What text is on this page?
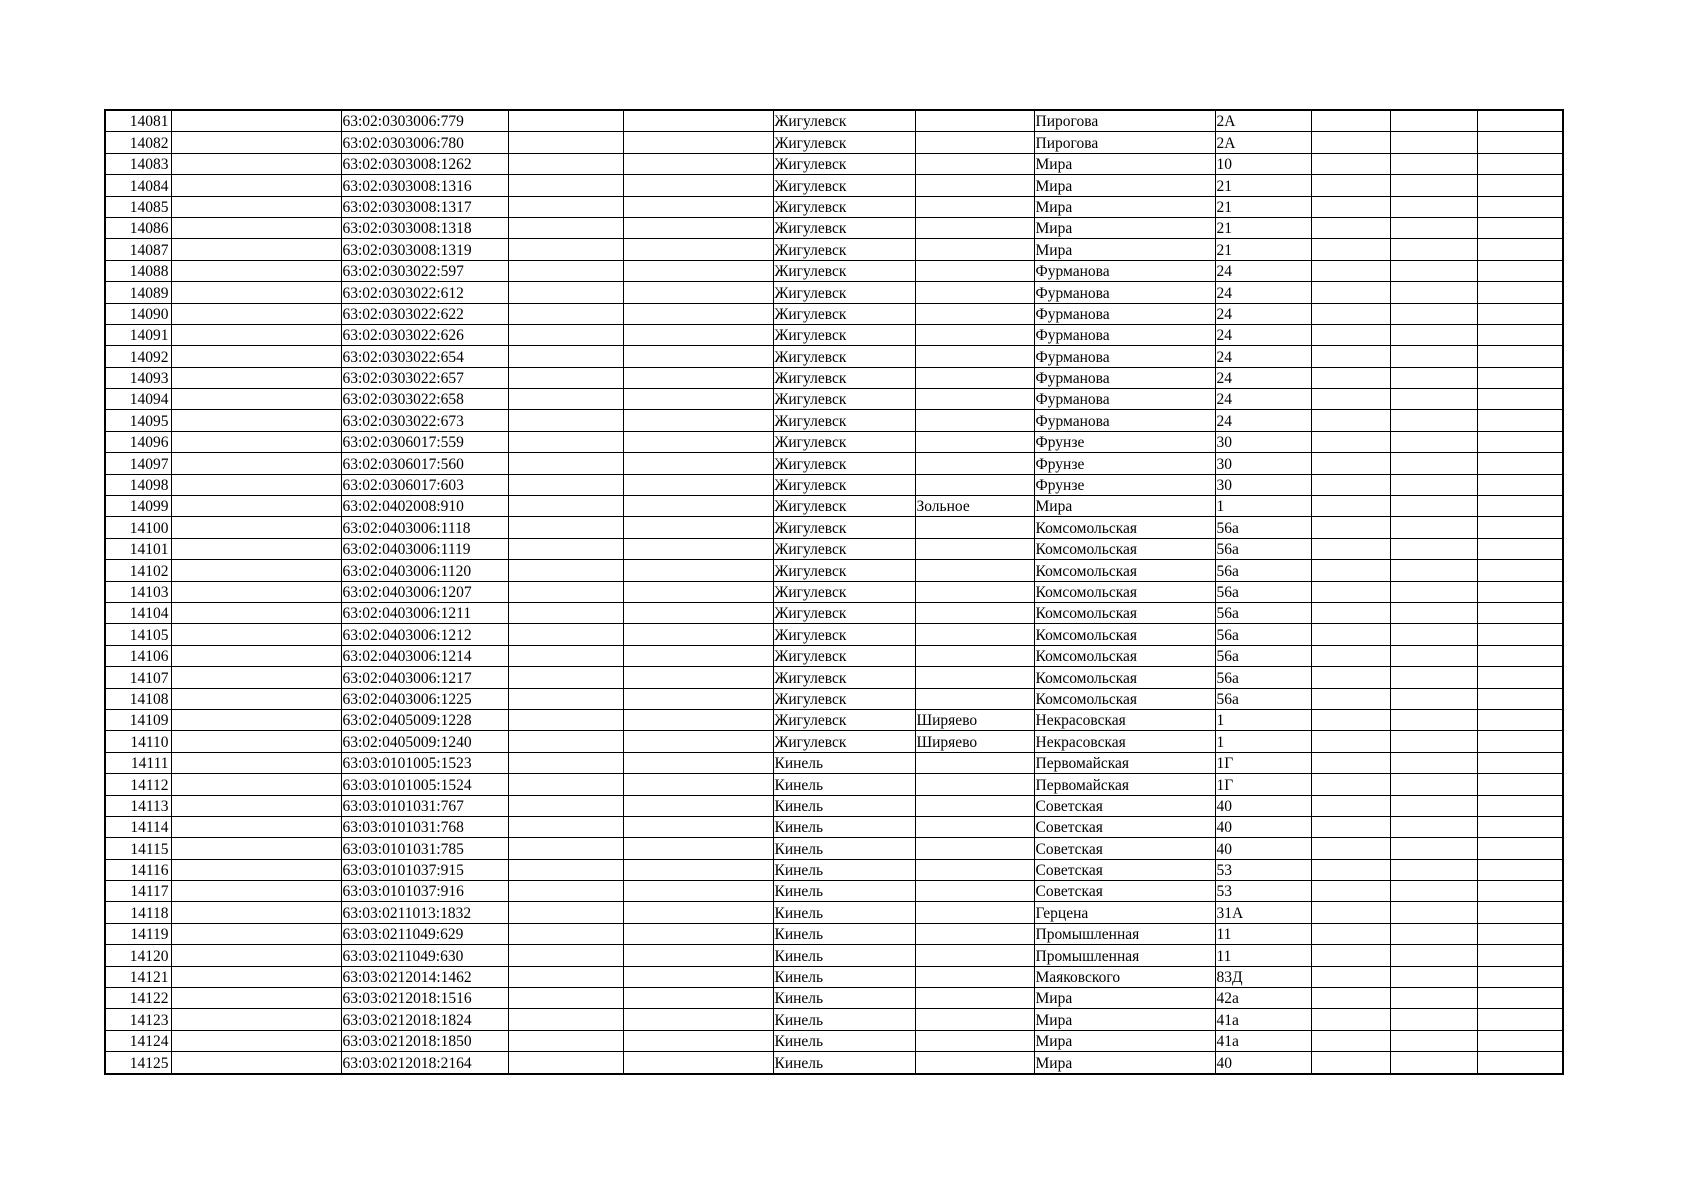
14081		63:02:0303006:779			Жигулевск		Пирогова	2А			
14082		63:02:0303006:780			Жигулевск		Пирогова	2А			
14083		63:02:0303008:1262			Жигулевск		Мира	10			
14084		63:02:0303008:1316			Жигулевск		Мира	21			
14085		63:02:0303008:1317			Жигулевск		Мира	21			
14086		63:02:0303008:1318			Жигулевск		Мира	21			
14087		63:02:0303008:1319			Жигулевск		Мира	21			
14088		63:02:0303022:597			Жигулевск		Фурманова	24			
14089		63:02:0303022:612			Жигулевск		Фурманова	24			
14090		63:02:0303022:622			Жигулевск		Фурманова	24			
14091		63:02:0303022:626			Жигулевск		Фурманова	24			
14092		63:02:0303022:654			Жигулевск		Фурманова	24			
14093		63:02:0303022:657			Жигулевск		Фурманова	24			
14094		63:02:0303022:658			Жигулевск		Фурманова	24			
14095		63:02:0303022:673			Жигулевск		Фурманова	24			
14096		63:02:0306017:559			Жигулевск		Фрунзе	30			
14097		63:02:0306017:560			Жигулевск		Фрунзе	30			
14098		63:02:0306017:603			Жигулевск		Фрунзе	30			
14099		63:02:0402008:910			Жигулевск	Зольное	Мира	1			
14100		63:02:0403006:1118			Жигулевск		Комсомольская	56а			
14101		63:02:0403006:1119			Жигулевск		Комсомольская	56а			
14102		63:02:0403006:1120			Жигулевск		Комсомольская	56а			
14103		63:02:0403006:1207			Жигулевск		Комсомольская	56а			
14104		63:02:0403006:1211			Жигулевск		Комсомольская	56а			
14105		63:02:0403006:1212			Жигулевск		Комсомольская	56а			
14106		63:02:0403006:1214			Жигулевск		Комсомольская	56а			
14107		63:02:0403006:1217			Жигулевск		Комсомольская	56а			
14108		63:02:0403006:1225			Жигулевск		Комсомольская	56а			
14109		63:02:0405009:1228			Жигулевск	Ширяево	Некрасовская	1			
14110		63:02:0405009:1240			Жигулевск	Ширяево	Некрасовская	1			
14111		63:03:0101005:1523			Кинель		Первомайская	1Г			
14112		63:03:0101005:1524			Кинель		Первомайская	1Г			
14113		63:03:0101031:767			Кинель		Советская	40			
14114		63:03:0101031:768			Кинель		Советская	40			
14115		63:03:0101031:785			Кинель		Советская	40			
14116		63:03:0101037:915			Кинель		Советская	53			
14117		63:03:0101037:916			Кинель		Советская	53			
14118		63:03:0211013:1832			Кинель		Герцена	31А			
14119		63:03:0211049:629			Кинель		Промышленная	11			
14120		63:03:0211049:630			Кинель		Промышленная	11			
14121		63:03:0212014:1462			Кинель		Маяковского	83Д			
14122		63:03:0212018:1516			Кинель		Мира	42а			
14123		63:03:0212018:1824			Кинель		Мира	41а			
14124		63:03:0212018:1850			Кинель		Мира	41а			
14125		63:03:0212018:2164			Кинель		Мира	40			
